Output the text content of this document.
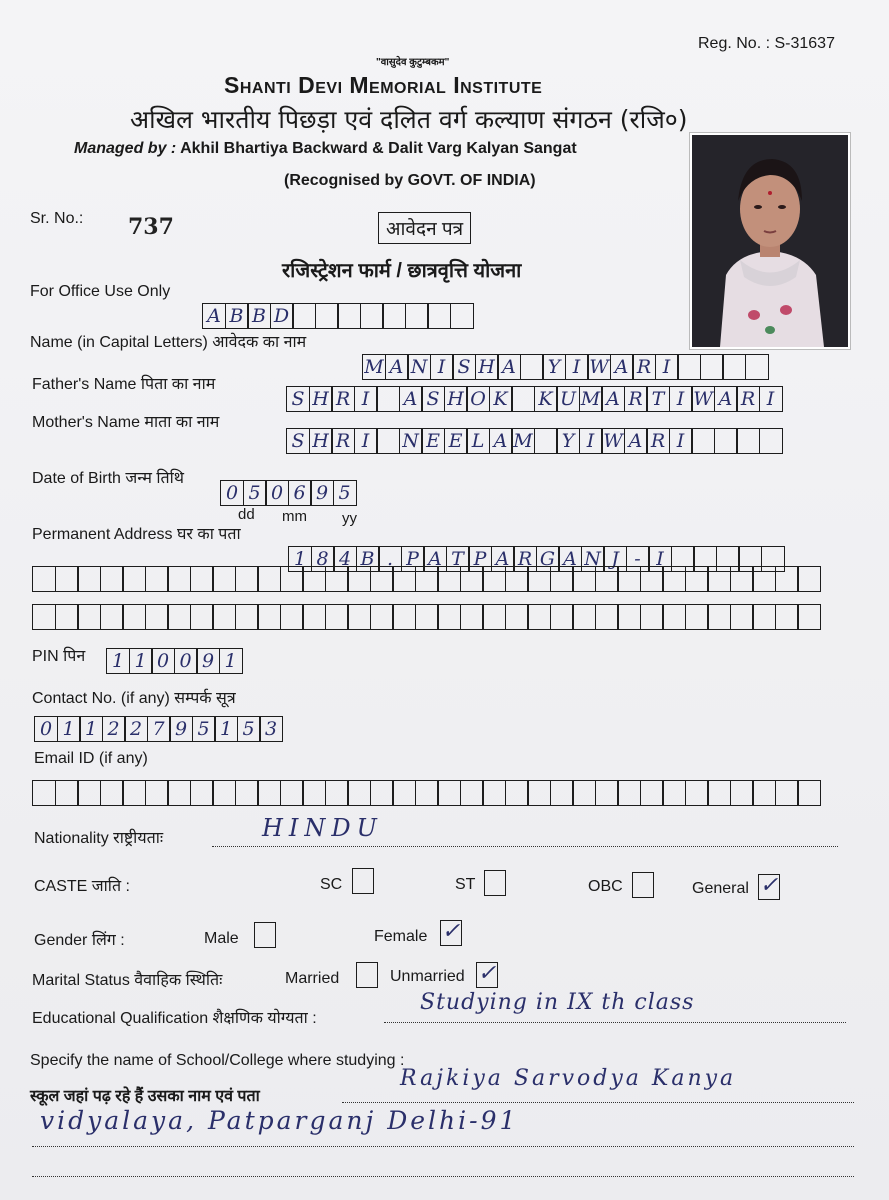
"वासुदेव कुटुम्बकम"
Reg. No. : S-31637
Shanti Devi Memorial Institute
अखिल भारतीय पिछड़ा एवं दलित वर्ग कल्याण संगठन (रजि०)
Managed by : Akhil Bhartiya Backward & Dalit Varg Kalyan Sangat
(Recognised by GOVT. OF INDIA)
Sr. No.: 737	आवेदन पत्र
रजिस्ट्रेशन फार्म / छात्रवृत्ति योजना
For Office Use Only
A B B D
Name (in Capital Letters) आवेदक का नाम
M A N I S H A	Y I W A R I
Father's Name पिता का नाम
S H R I	A S H O K K U M A R T I W A R I
Mother's Name माता का नाम
S H R I	N E E L A M	Y I W A R I
Date of Birth जन्म तिथि
0 5 0 6 9 5
dd mm yy
Permanent Address घर का पता
1 8 4 B . P A T P A R G A N J - I
PIN पिन	1 1 0 0 9 1
Contact No. (if any) सम्पर्क सूत्र
0 1 1 2 2 7 9 5 1 5 3
Email ID (if any)
Nationality राष्ट्रीयताः	HINDU
CASTE जाति :	SC	ST	OBC	General ✓
Gender लिंग :	Male	Female ✓
Marital Status वैवाहिक स्थितिः	Married	Unmarried ✓
Educational Qualification शैक्षणिक योग्यता :
Studying in IX th class
Specify the name of School/College where studying :
स्कूल जहां पढ़ रहे हैं उसका नाम एवं पता
Rajkiya Sarvodya Kanya
vidyalaya, Patparganj Delhi-91
